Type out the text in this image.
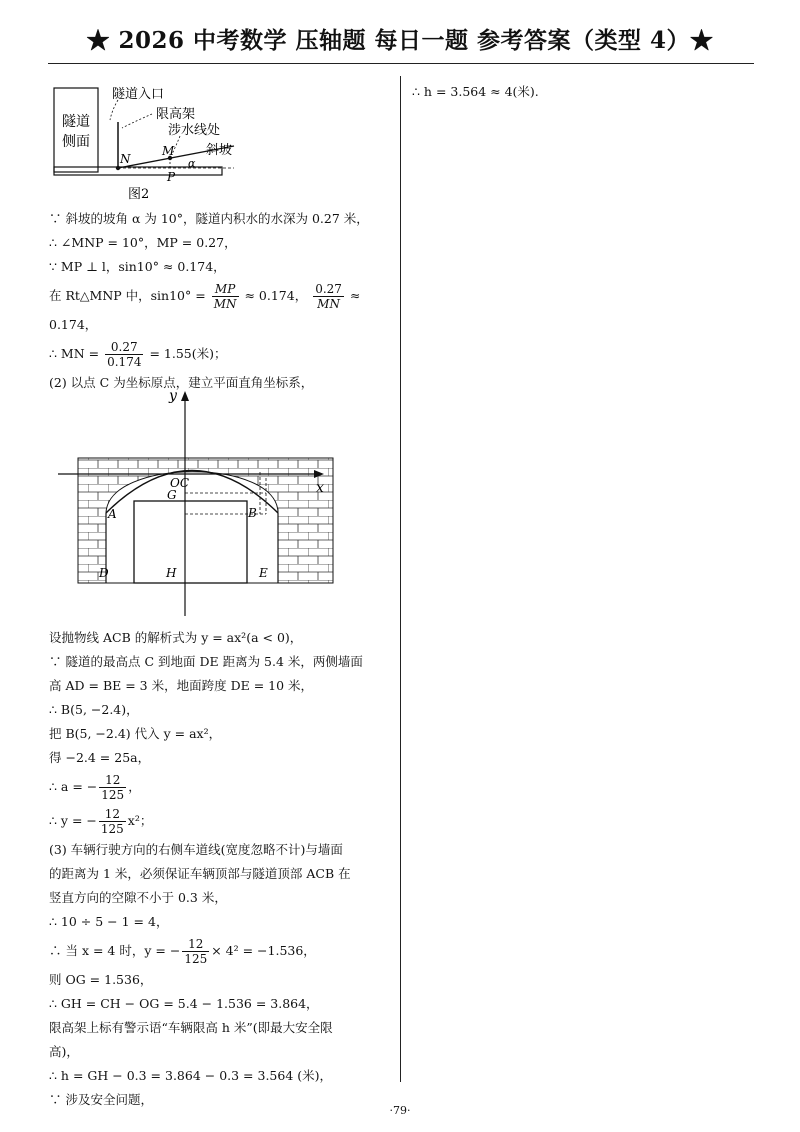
★ 2026 中考数学 压轴题 每日一题 参考答案（类型 4）★
隧道
侧面
隧道入口
限高架
涉水线处
斜坡
N
M
P
α
图2
∵ 斜坡的坡角 α 为 10°，隧道内积水的水深为 0.27 米，
∴ ∠MNP = 10°，MP = 0.27，
∵ MP ⊥ l，sin10° ≈ 0.174，
在 Rt△MNP 中，$\sin 10^\circ = \frac{MP}{MN} \approx 0.174$， $\frac{0.27}{MN}$ ≈
0.174，
∴ MN = $\frac{0.27}{0.174} = 1.55$(米)；
(2) 以点 C 为坐标原点，建立平面直角坐标系，
y
x
OC
G
A	B
D	H	E
设抛物线 ACB 的解析式为 y = ax²(a < 0)，
∵ 隧道的最高点 C 到地面 DE 距离为 5.4 米，两侧墙面
高 AD = BE = 3 米，地面跨度 DE = 10 米，
∴ B(5, −2.4)，
把 B(5, −2.4) 代入 y = ax²，
得 −2.4 = 25a，
∴ a = − $\frac{12}{125}$ ，
∴ y = − $\frac{12}{125} x^2$；
(3) 车辆行驶方向的右侧车道线(宽度忽略不计)与墙面
的距离为 1 米，必须保证车辆顶部与隧道顶部 ACB 在
竖直方向的空隙不小于 0.3 米，
∴ 10 ÷ 5 − 1 = 4，
∴ 当 x = 4 时，y = − $\frac{12}{125} \times 4^2 = -1.536$，
则 OG = 1.536，
∴ GH = CH − OG = 5.4 − 1.536 = 3.864，
限高架上标有警示语“车辆限高 h 米”(即最大安全限
高)，
∴ h = GH − 0.3 = 3.864 − 0.3 = 3.564 (米)，
∵ 涉及安全问题，
∴ h = 3.564 ≈ 4(米).
·79·
